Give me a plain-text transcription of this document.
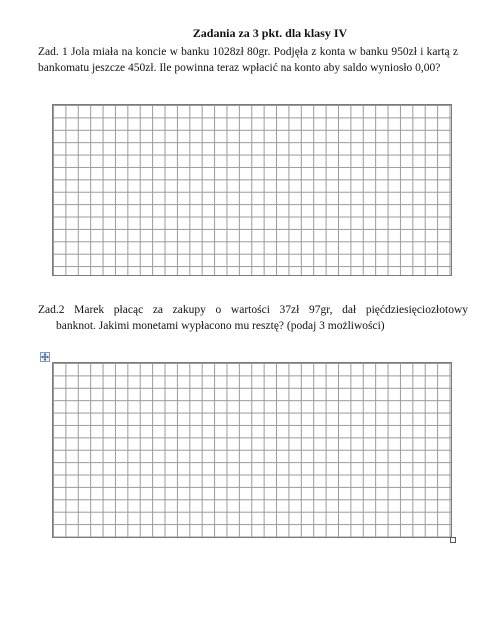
Zadania za 3 pkt. dla klasy IV
Zad. 1 Jola miała na koncie w banku 1028zł 80gr. Podjęła z konta w banku 950zł i kartą z bankomatu jeszcze 450zł. Ile powinna teraz wpłacić na konto aby saldo wyniosło 0,00?
Zad.2 Marek płacąc za zakupy o wartości 37zł 97gr, dał pięćdziesięciozłotowy
banknot. Jakimi monetami wypłacono mu resztę? (podaj 3 możliwości)
